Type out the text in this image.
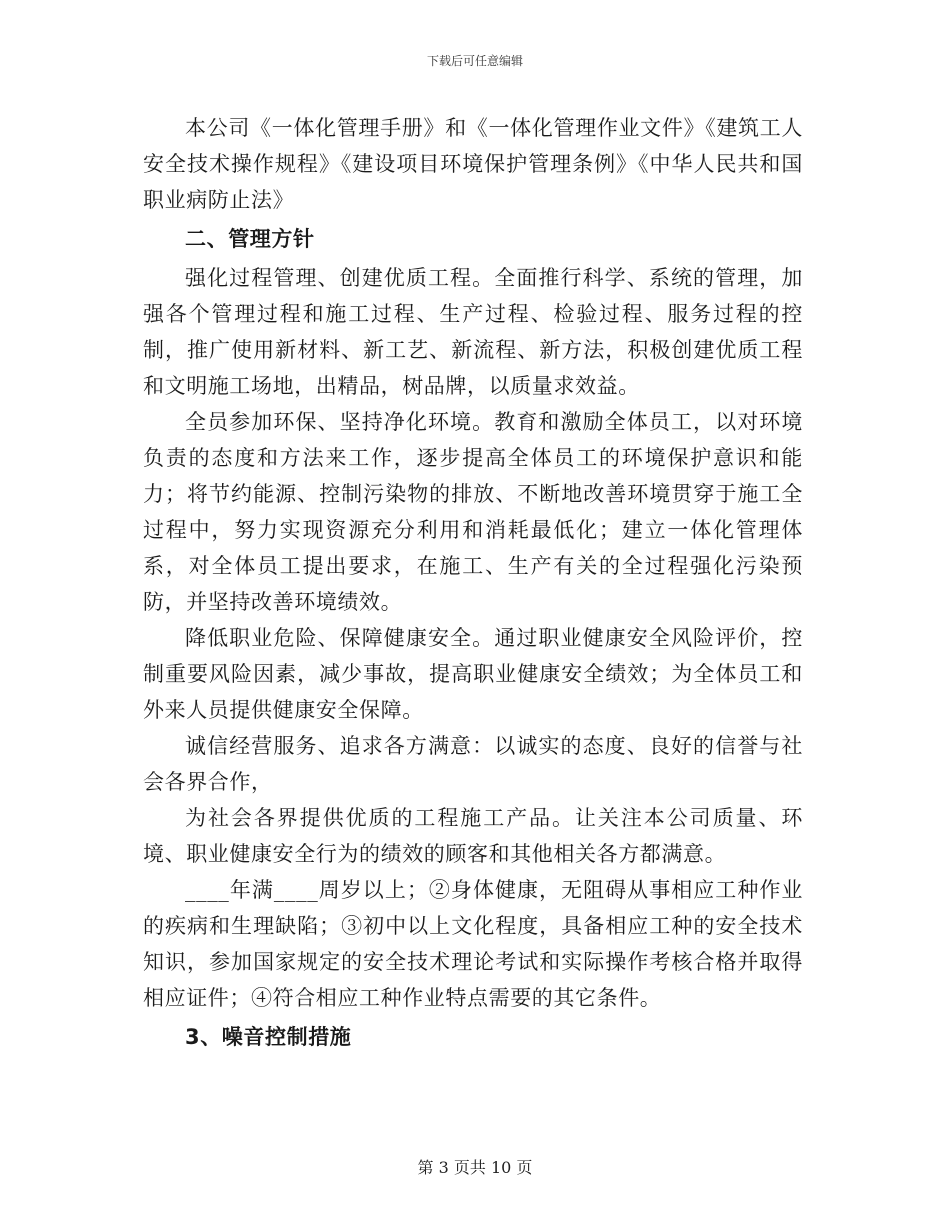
下载后可任意编辑

本公司《一体化管理手册》和《一体化管理作业文件》《建筑工人安全技术操作规程》《建设项目环境保护管理条例》《中华人民共和国职业病防止法》

二、管理方针

强化过程管理、创建优质工程。全面推行科学、系统的管理，加强各个管理过程和施工过程、生产过程、检验过程、服务过程的控制，推广使用新材料、新工艺、新流程、新方法，积极创建优质工程和文明施工场地，出精品，树品牌，以质量求效益。

全员参加环保、坚持净化环境。教育和激励全体员工，以对环境负责的态度和方法来工作，逐步提高全体员工的环境保护意识和能力；将节约能源、控制污染物的排放、不断地改善环境贯穿于施工全过程中，努力实现资源充分利用和消耗最低化；建立一体化管理体系，对全体员工提出要求，在施工、生产有关的全过程强化污染预防，并坚持改善环境绩效。

降低职业危险、保障健康安全。通过职业健康安全风险评价，控制重要风险因素，减少事故，提高职业健康安全绩效；为全体员工和外来人员提供健康安全保障。

诚信经营服务、追求各方满意：以诚实的态度、良好的信誉与社会各界合作，

为社会各界提供优质的工程施工产品。让关注本公司质量、环境、职业健康安全行为的绩效的顾客和其他相关各方都满意。

____年满____周岁以上；②身体健康，无阻碍从事相应工种作业的疾病和生理缺陷；③初中以上文化程度，具备相应工种的安全技术知识，参加国家规定的安全技术理论考试和实际操作考核合格并取得相应证件；④符合相应工种作业特点需要的其它条件。

3、噪音控制措施
第 3 页共 10 页
